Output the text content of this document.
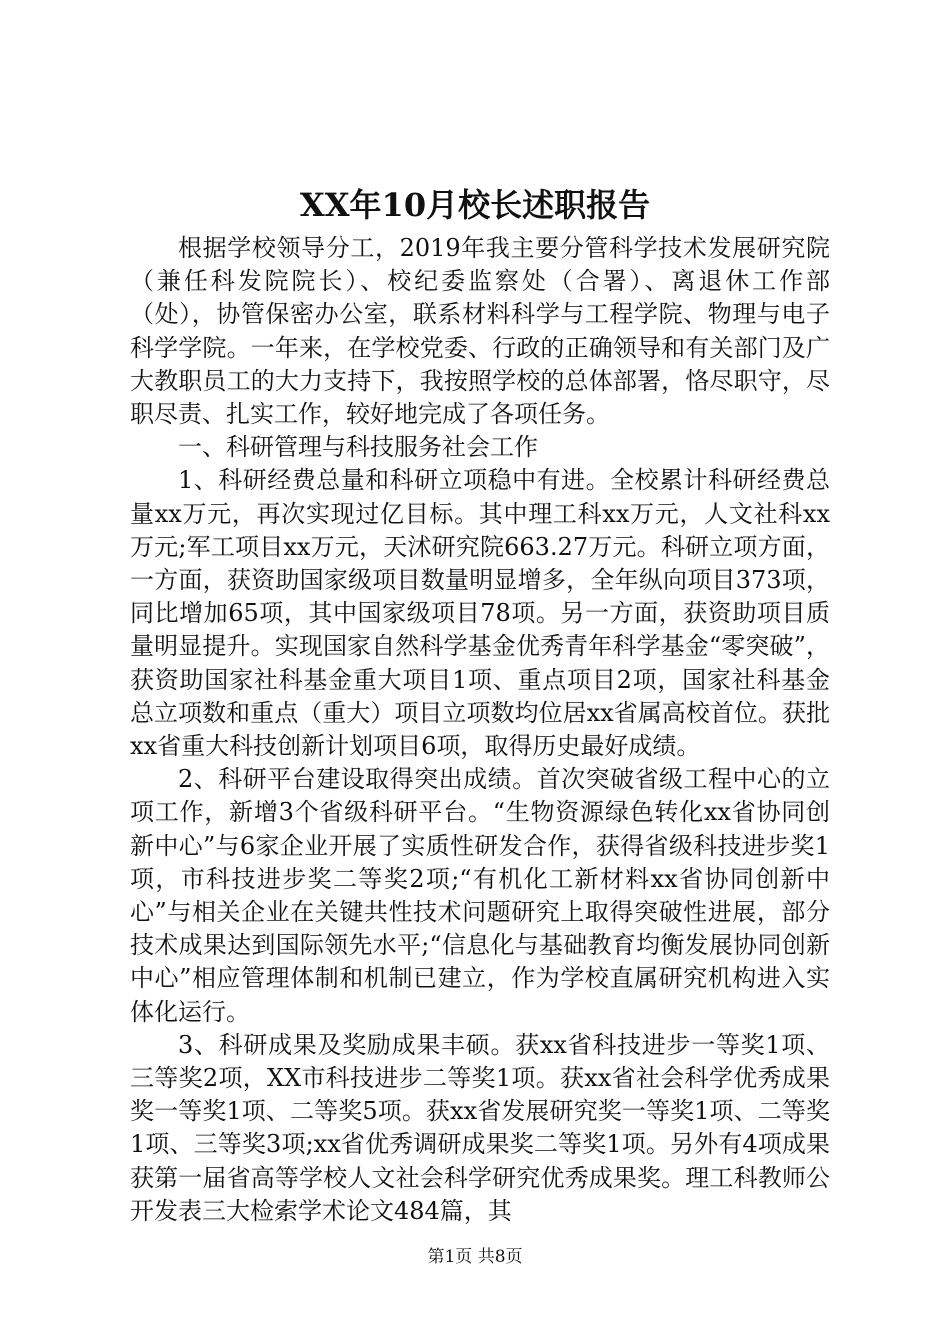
XX年10月校长述职报告

根据学校领导分工，2019年我主要分管科学技术发展研究院（兼任科发院院长）、校纪委监察处（合署）、离退休工作部（处），协管保密办公室，联系材料科学与工程学院、物理与电子科学学院。一年来，在学校党委、行政的正确领导和有关部门及广大教职员工的大力支持下，我按照学校的总体部署，恪尽职守，尽职尽责、扎实工作，较好地完成了各项任务。

一、科研管理与科技服务社会工作

1、科研经费总量和科研立项稳中有进。全校累计科研经费总量xx万元，再次实现过亿目标。其中理工科xx万元，人文社科xx万元;军工项目xx万元，天沭研究院663.27万元。科研立项方面，一方面，获资助国家级项目数量明显增多，全年纵向项目373项，同比增加65项，其中国家级项目78项。另一方面，获资助项目质量明显提升。实现国家自然科学基金优秀青年科学基金“零突破”，获资助国家社科基金重大项目1项、重点项目2项，国家社科基金总立项数和重点（重大）项目立项数均位居xx省属高校首位。获批xx省重大科技创新计划项目6项，取得历史最好成绩。

2、科研平台建设取得突出成绩。首次突破省级工程中心的立项工作，新增3个省级科研平台。“生物资源绿色转化xx省协同创新中心”与6家企业开展了实质性研发合作，获得省级科技进步奖1项，市科技进步奖二等奖2项;“有机化工新材料xx省协同创新中心”与相关企业在关键共性技术问题研究上取得突破性进展，部分技术成果达到国际领先水平;“信息化与基础教育均衡发展协同创新中心”相应管理体制和机制已建立，作为学校直属研究机构进入实体化运行。

3、科研成果及奖励成果丰硕。获xx省科技进步一等奖1项、三等奖2项，XX市科技进步二等奖1项。获xx省社会科学优秀成果奖一等奖1项、二等奖5项。获xx省发展研究奖一等奖1项、二等奖1项、三等奖3项;xx省优秀调研成果奖二等奖1项。另外有4项成果获第一届省高等学校人文社会科学研究优秀成果奖。理工科教师公开发表三大检索学术论文484篇，其

第1页 共8页
